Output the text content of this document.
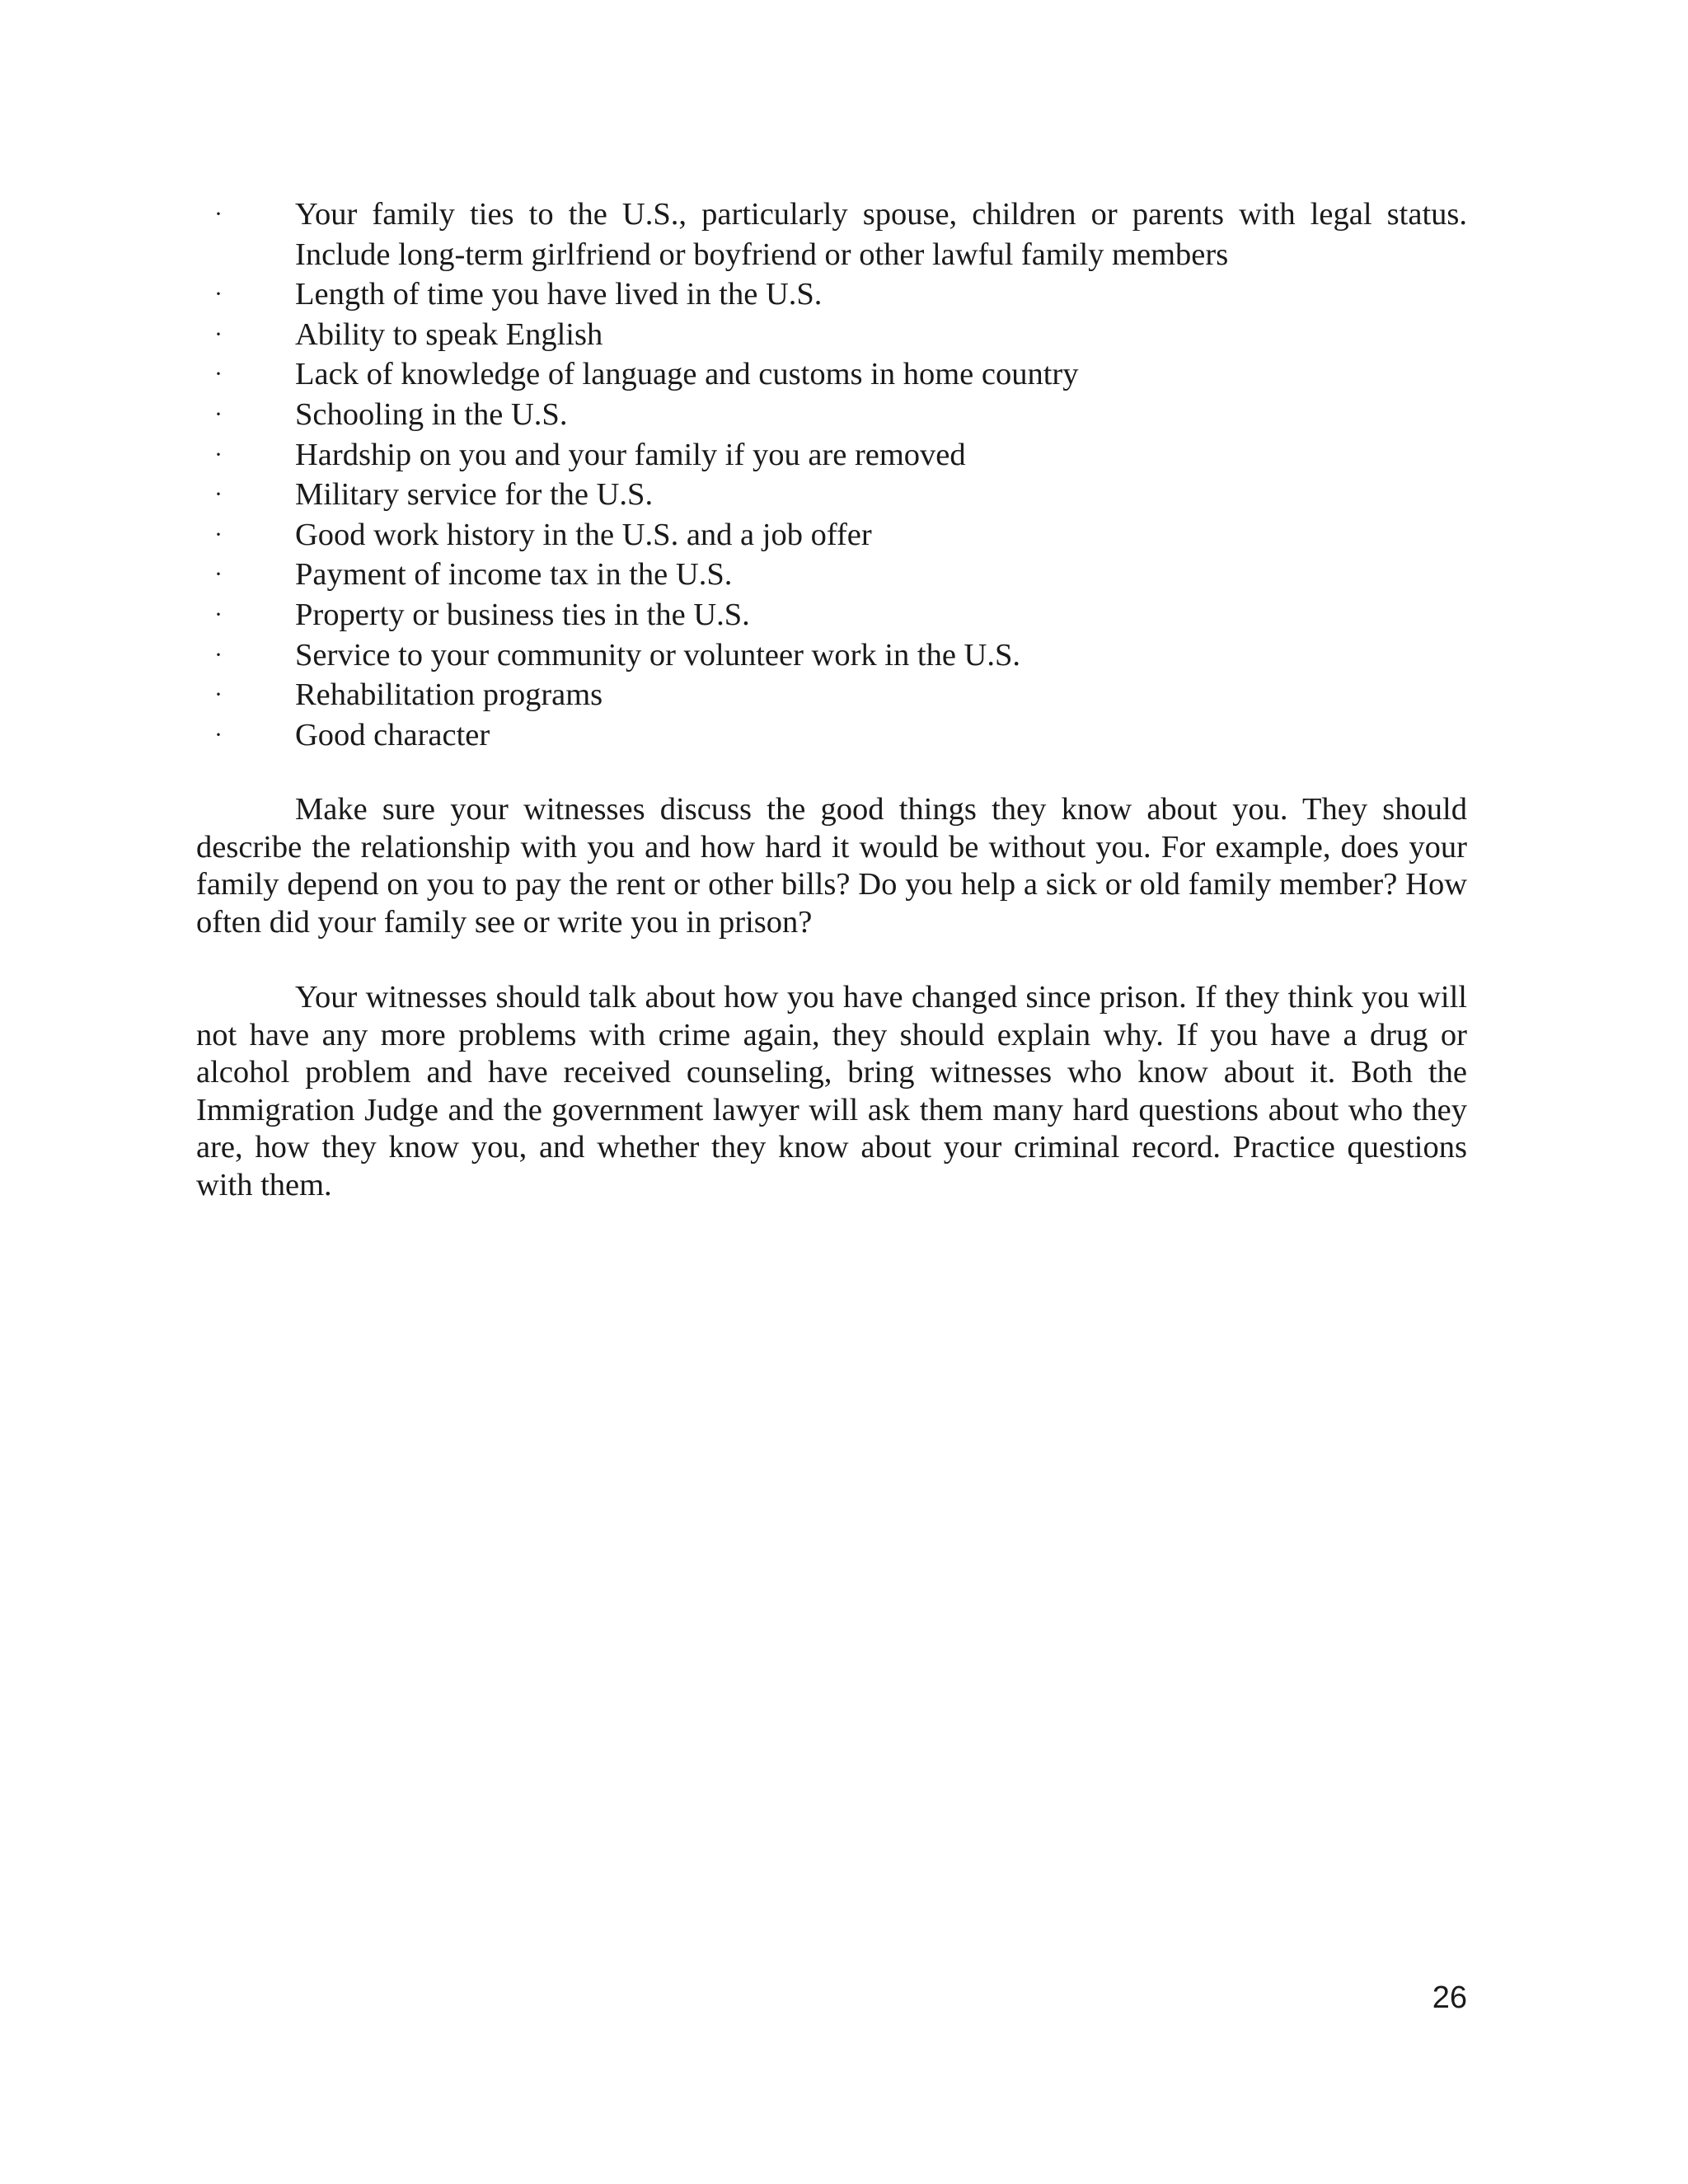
· Your family ties to the U.S., particularly spouse, children or parents with legal status. Include long-term girlfriend or boyfriend or other lawful family members
· Length of time you have lived in the U.S.
· Ability to speak English
· Lack of knowledge of language and customs in home country
· Schooling in the U.S.
· Hardship on you and your family if you are removed
· Military service for the U.S.
· Good work history in the U.S. and a job offer
· Payment of income tax in the U.S.
· Property or business ties in the U.S.
· Service to your community or volunteer work in the U.S.
· Rehabilitation programs
· Good character

Make sure your witnesses discuss the good things they know about you. They should describe the relationship with you and how hard it would be without you. For example, does your family depend on you to pay the rent or other bills? Do you help a sick or old family member? How often did your family see or write you in prison?

Your witnesses should talk about how you have changed since prison. If they think you will not have any more problems with crime again, they should explain why. If you have a drug or alcohol problem and have received counseling, bring witnesses who know about it. Both the Immigration Judge and the government lawyer will ask them many hard questions about who they are, how they know you, and whether they know about your criminal record. Practice questions with them.

26
